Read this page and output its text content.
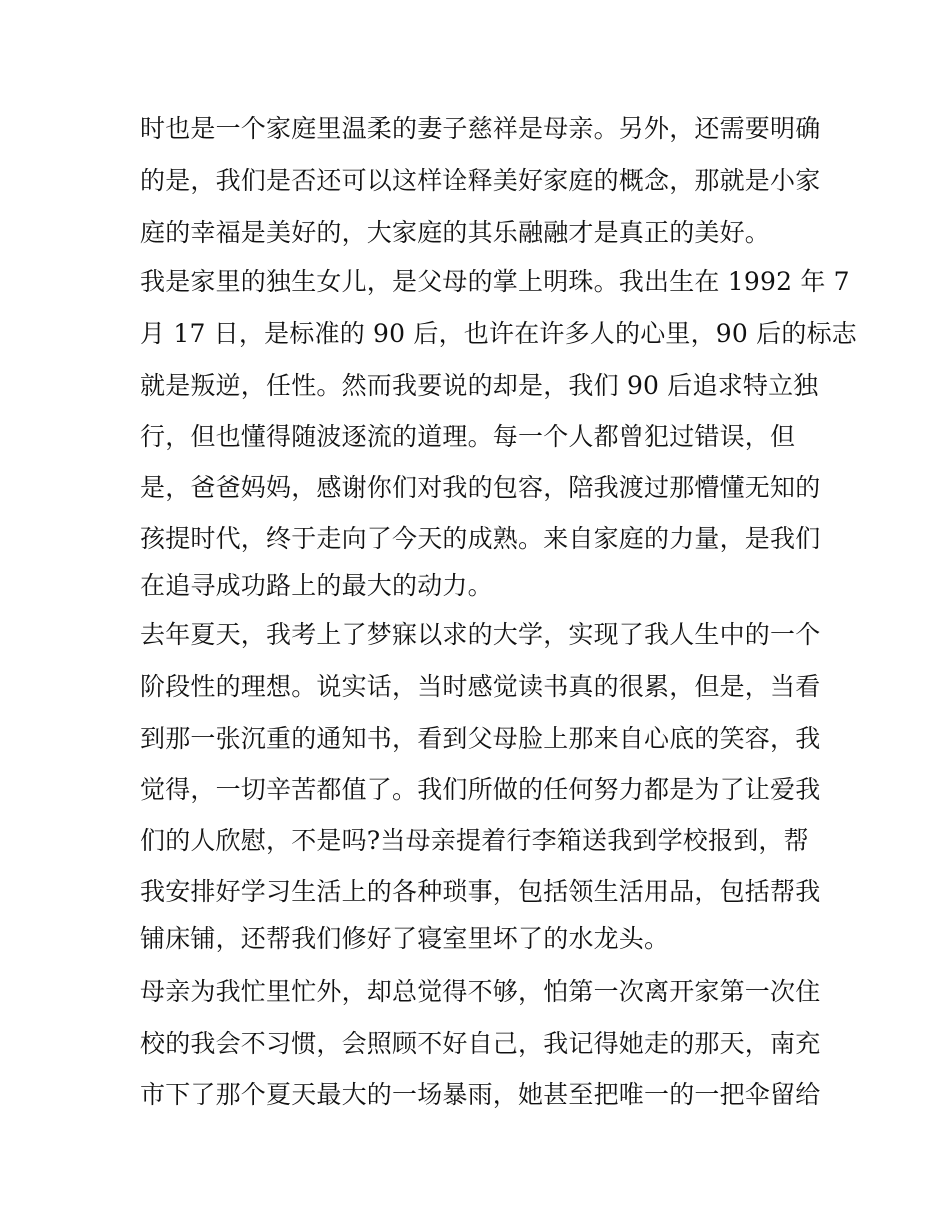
时也是一个家庭里温柔的妻子慈祥是母亲。另外，还需要明确
的是，我们是否还可以这样诠释美好家庭的概念，那就是小家
庭的幸福是美好的，大家庭的其乐融融才是真正的美好。
我是家里的独生女儿，是父母的掌上明珠。我出生在 1992 年 7
月 17 日，是标准的 90 后，也许在许多人的心里，90 后的标志
就是叛逆，任性。然而我要说的却是，我们 90 后追求特立独
行，但也懂得随波逐流的道理。每一个人都曾犯过错误，但
是，爸爸妈妈，感谢你们对我的包容，陪我渡过那懵懂无知的
孩提时代，终于走向了今天的成熟。来自家庭的力量，是我们
在追寻成功路上的最大的动力。
去年夏天，我考上了梦寐以求的大学，实现了我人生中的一个
阶段性的理想。说实话，当时感觉读书真的很累，但是，当看
到那一张沉重的通知书，看到父母脸上那来自心底的笑容，我
觉得，一切辛苦都值了。我们所做的任何努力都是为了让爱我
们的人欣慰，不是吗?当母亲提着行李箱送我到学校报到，帮
我安排好学习生活上的各种琐事，包括领生活用品，包括帮我
铺床铺，还帮我们修好了寝室里坏了的水龙头。
母亲为我忙里忙外，却总觉得不够，怕第一次离开家第一次住
校的我会不习惯，会照顾不好自己，我记得她走的那天，南充
市下了那个夏天最大的一场暴雨，她甚至把唯一的一把伞留给
